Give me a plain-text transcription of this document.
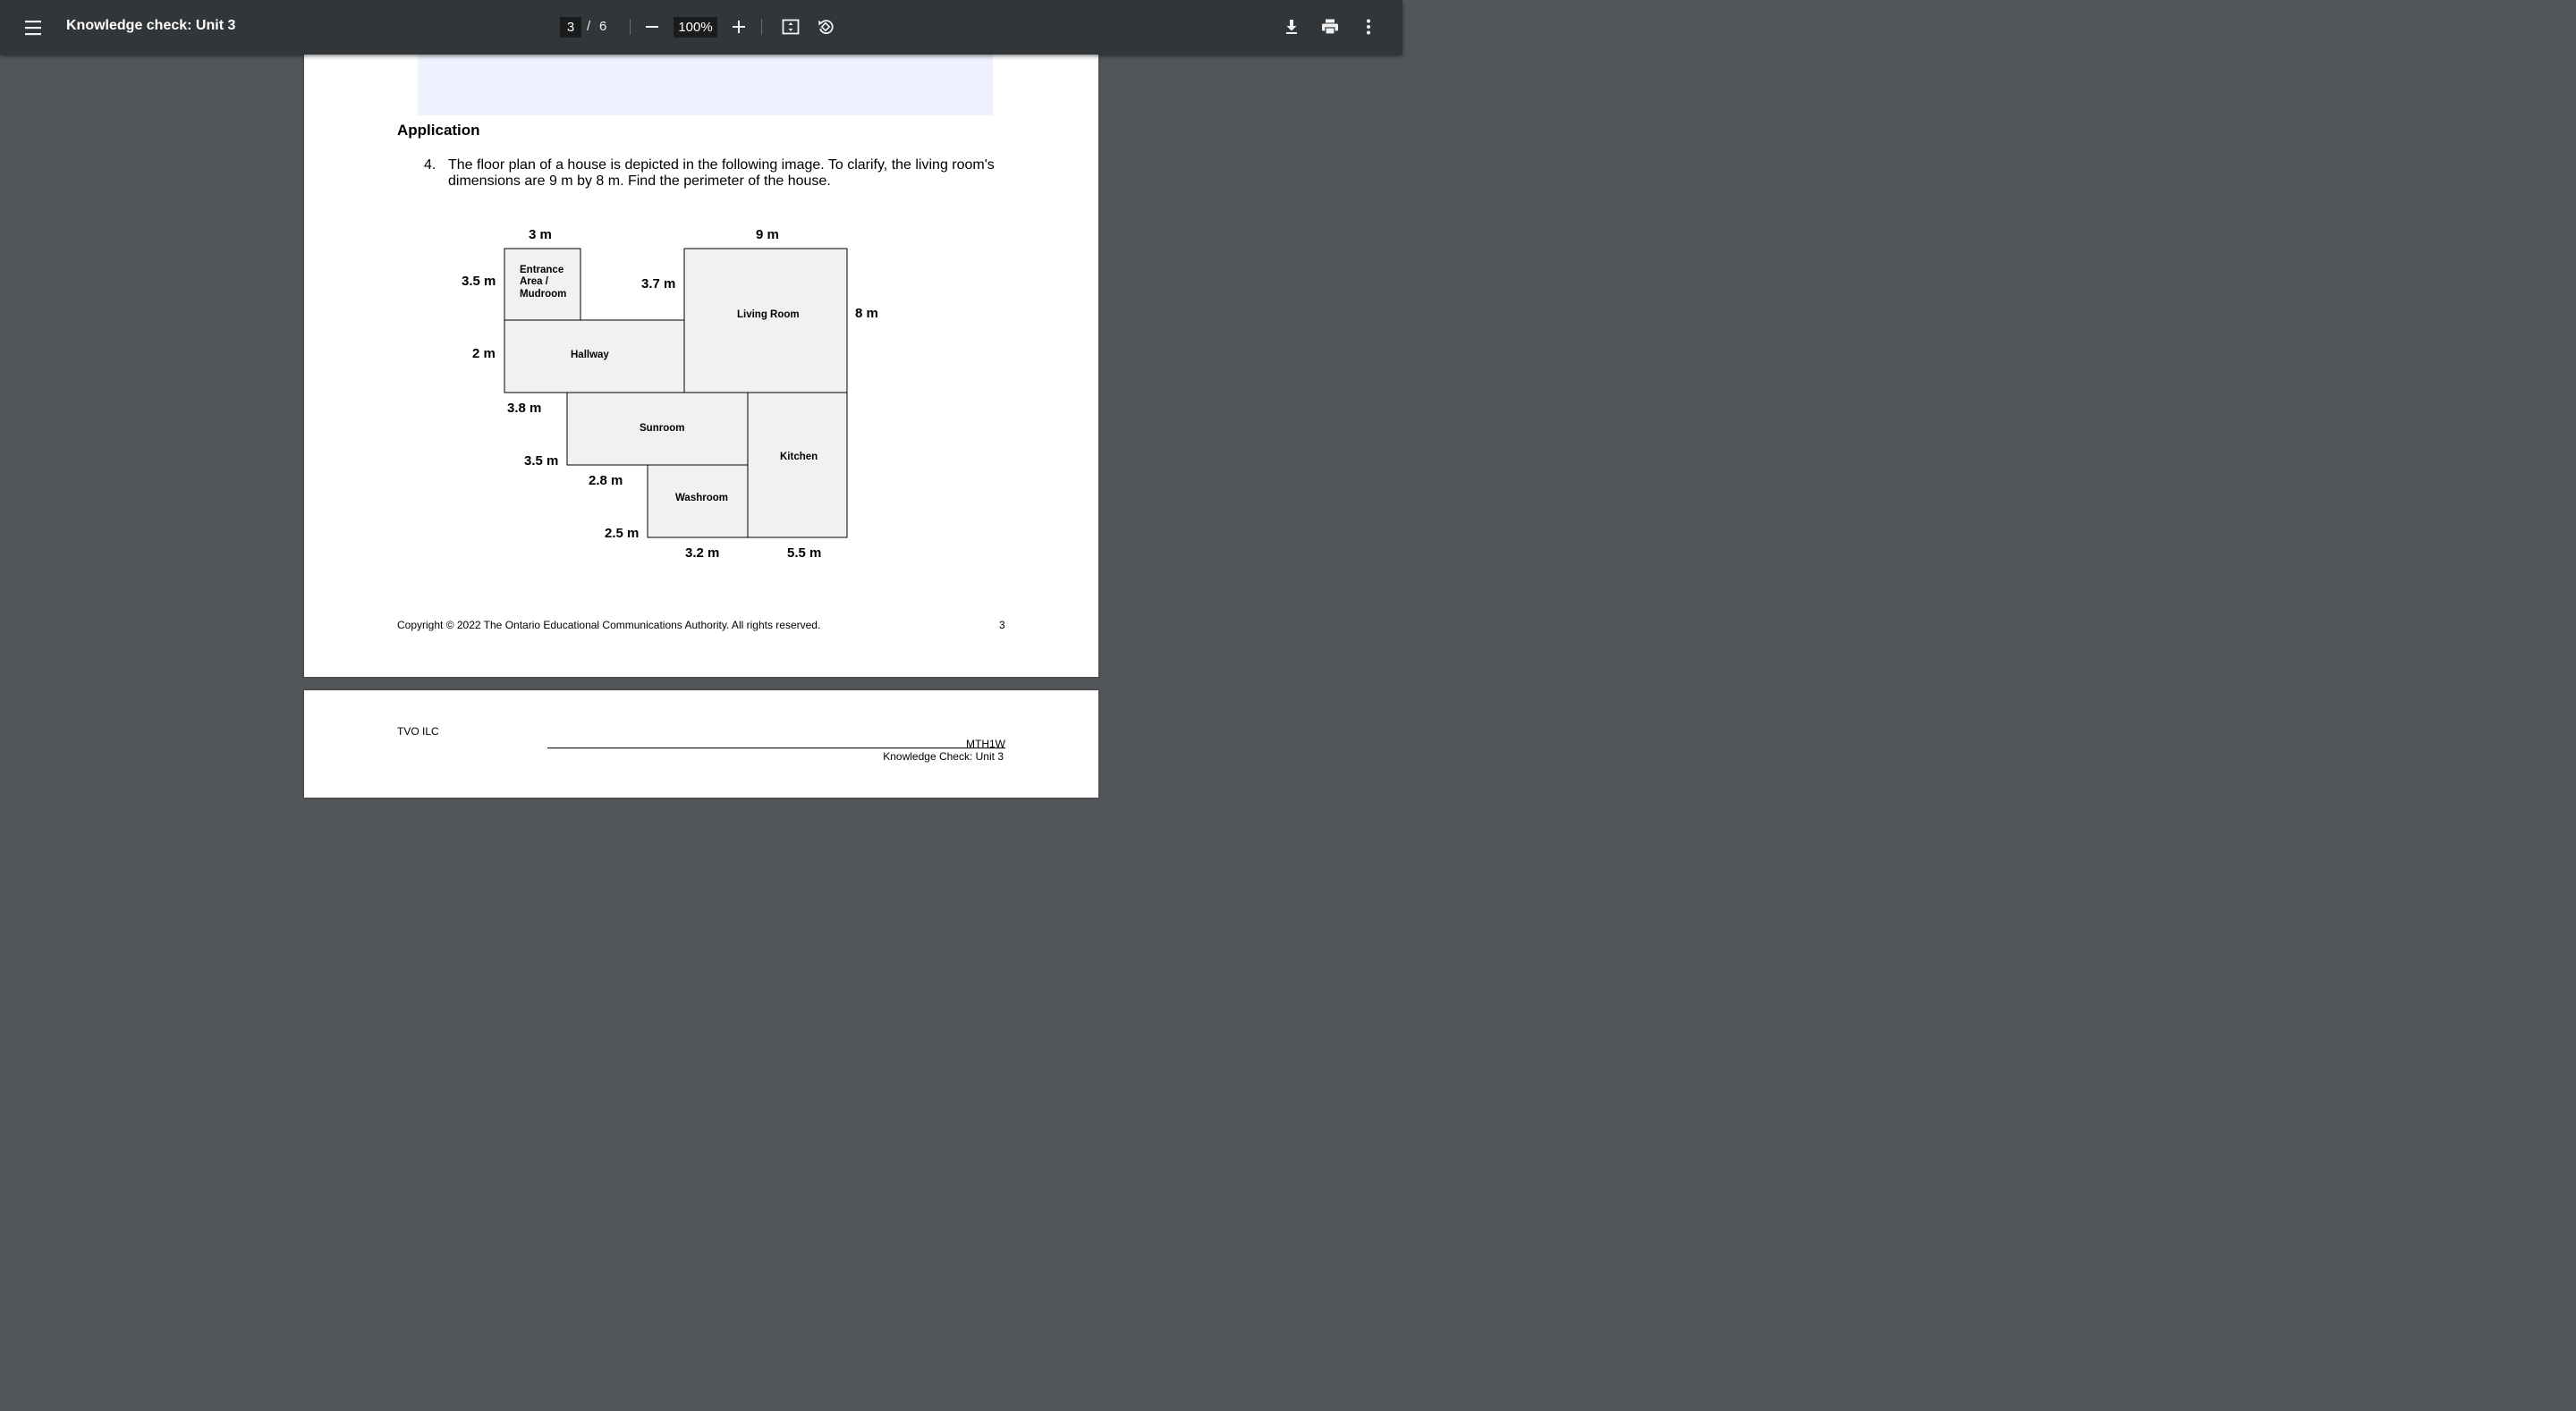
Knowledge check: Unit 3	3 / 6	100%
Application
4. The floor plan of a house is depicted in the following image. To clarify, the living room's dimensions are 9 m by 8 m. Find the perimeter of the house.
Entrance
Area /
Mudroom
Hallway
Living Room
Sunroom
Kitchen
Washroom
3 m	9 m
3.5 m	3.7 m
8 m
2 m
3.8 m
3.5 m
2.8 m
2.5 m
3.2 m	5.5 m
Copyright © 2022 The Ontario Educational Communications Authority. All rights reserved.	3
TVO ILC
MTH1W
Knowledge Check: Unit 3
